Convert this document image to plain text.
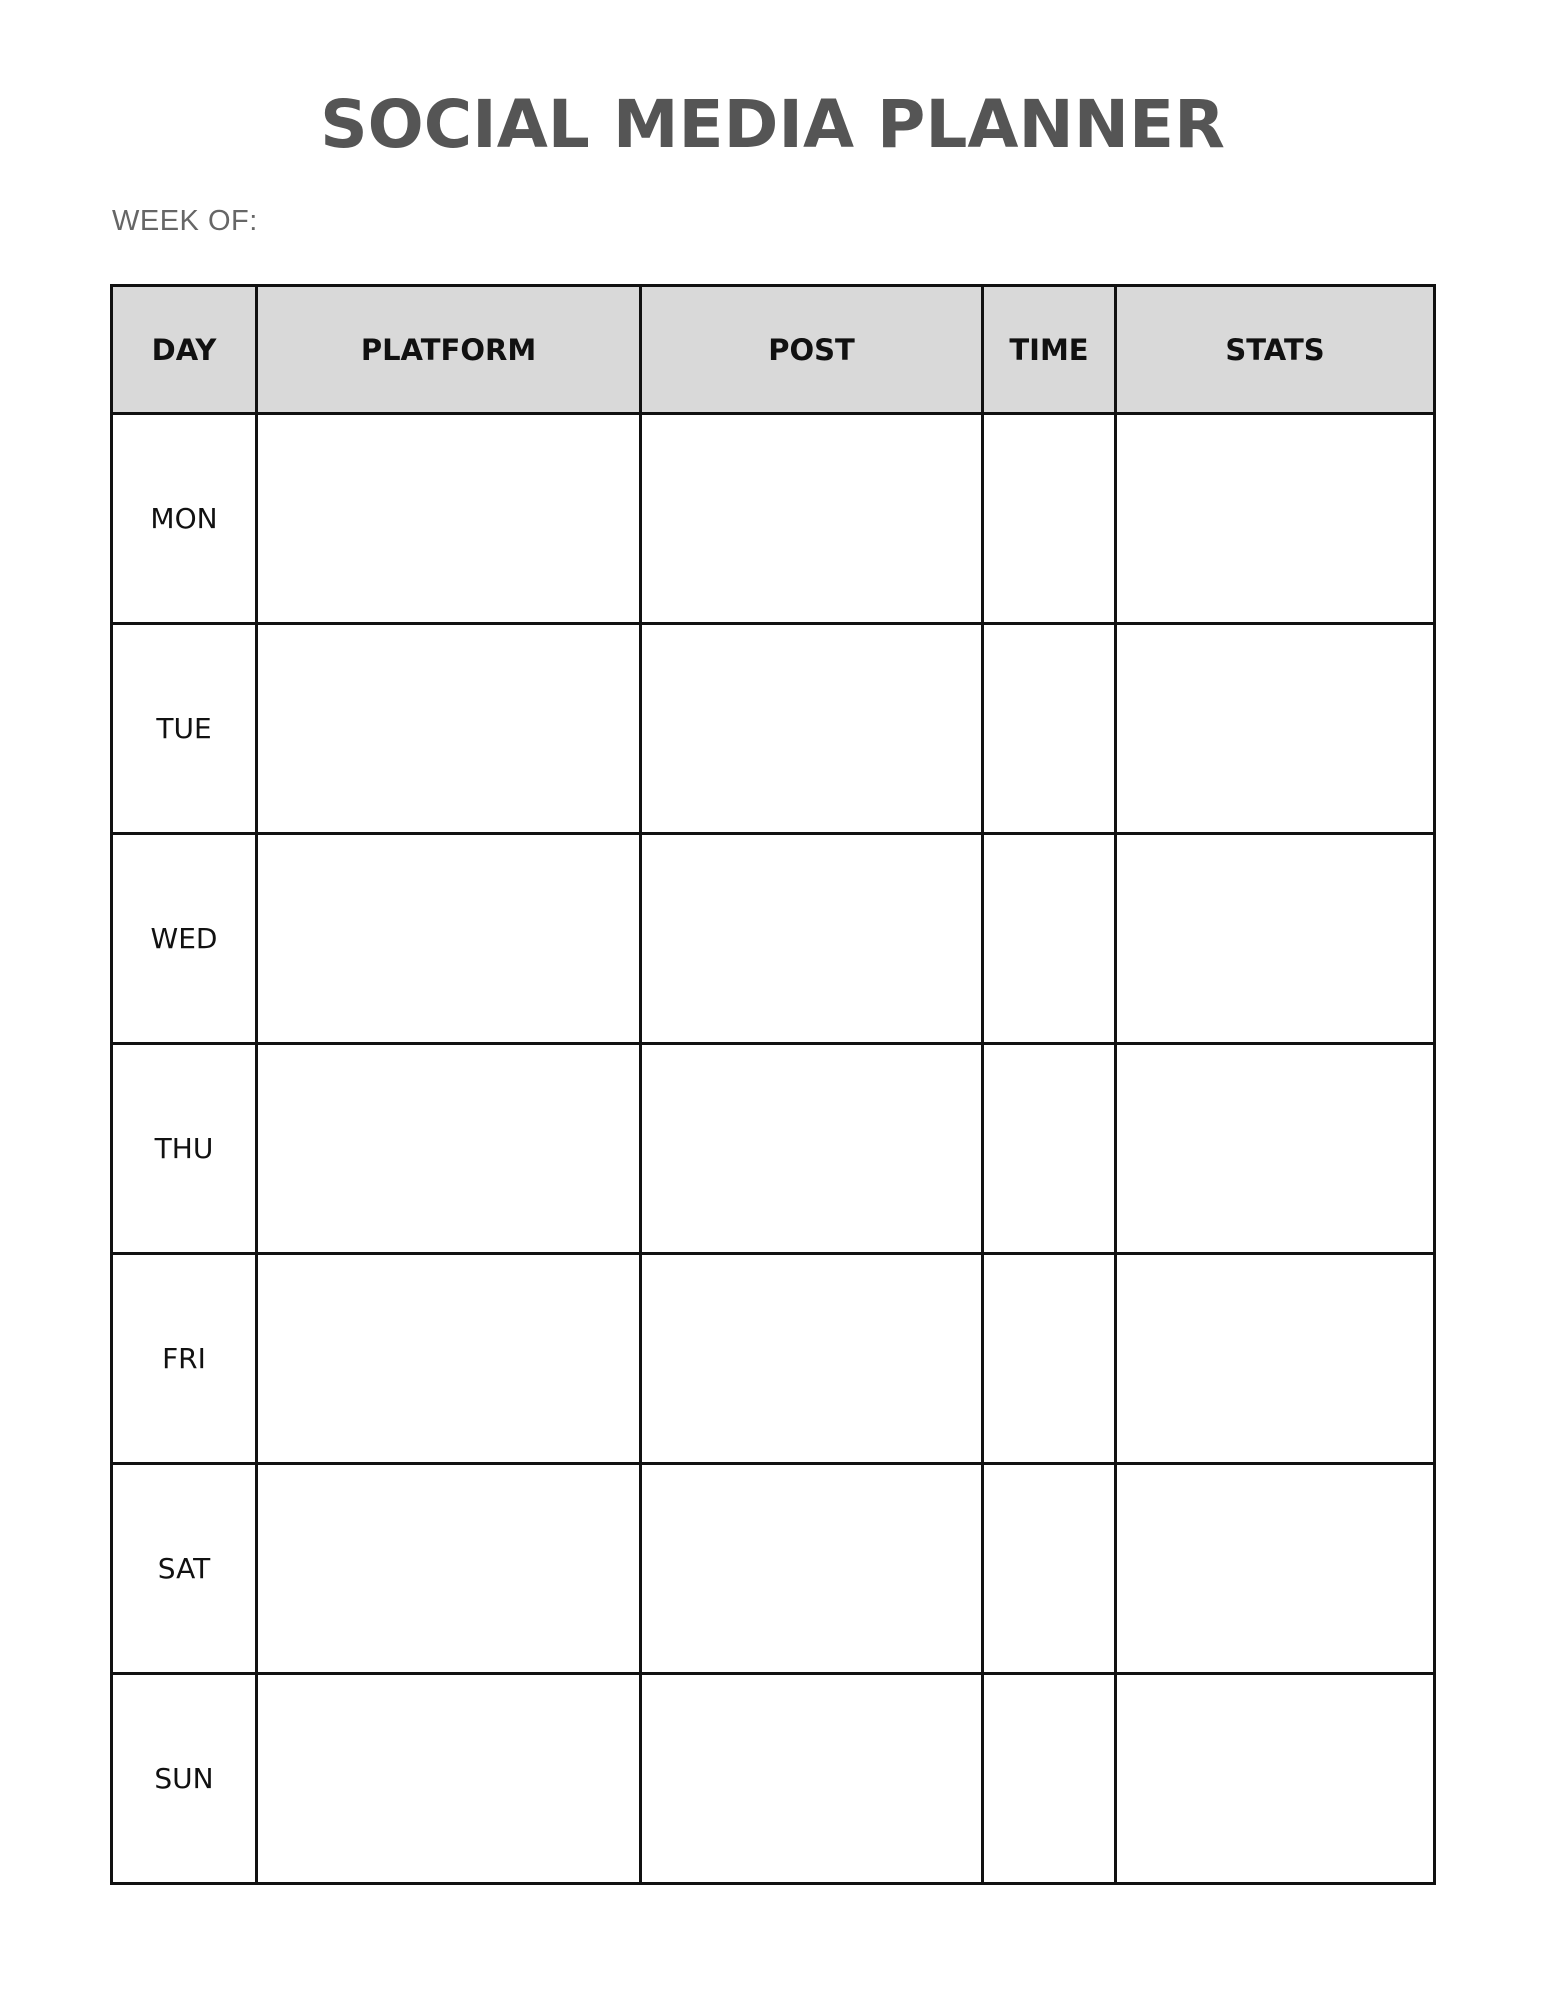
SOCIAL MEDIA PLANNER
WEEK OF:
DAY	PLATFORM	POST	TIME	STATS
MON				
TUE				
WED				
THU				
FRI				
SAT				
SUN				
